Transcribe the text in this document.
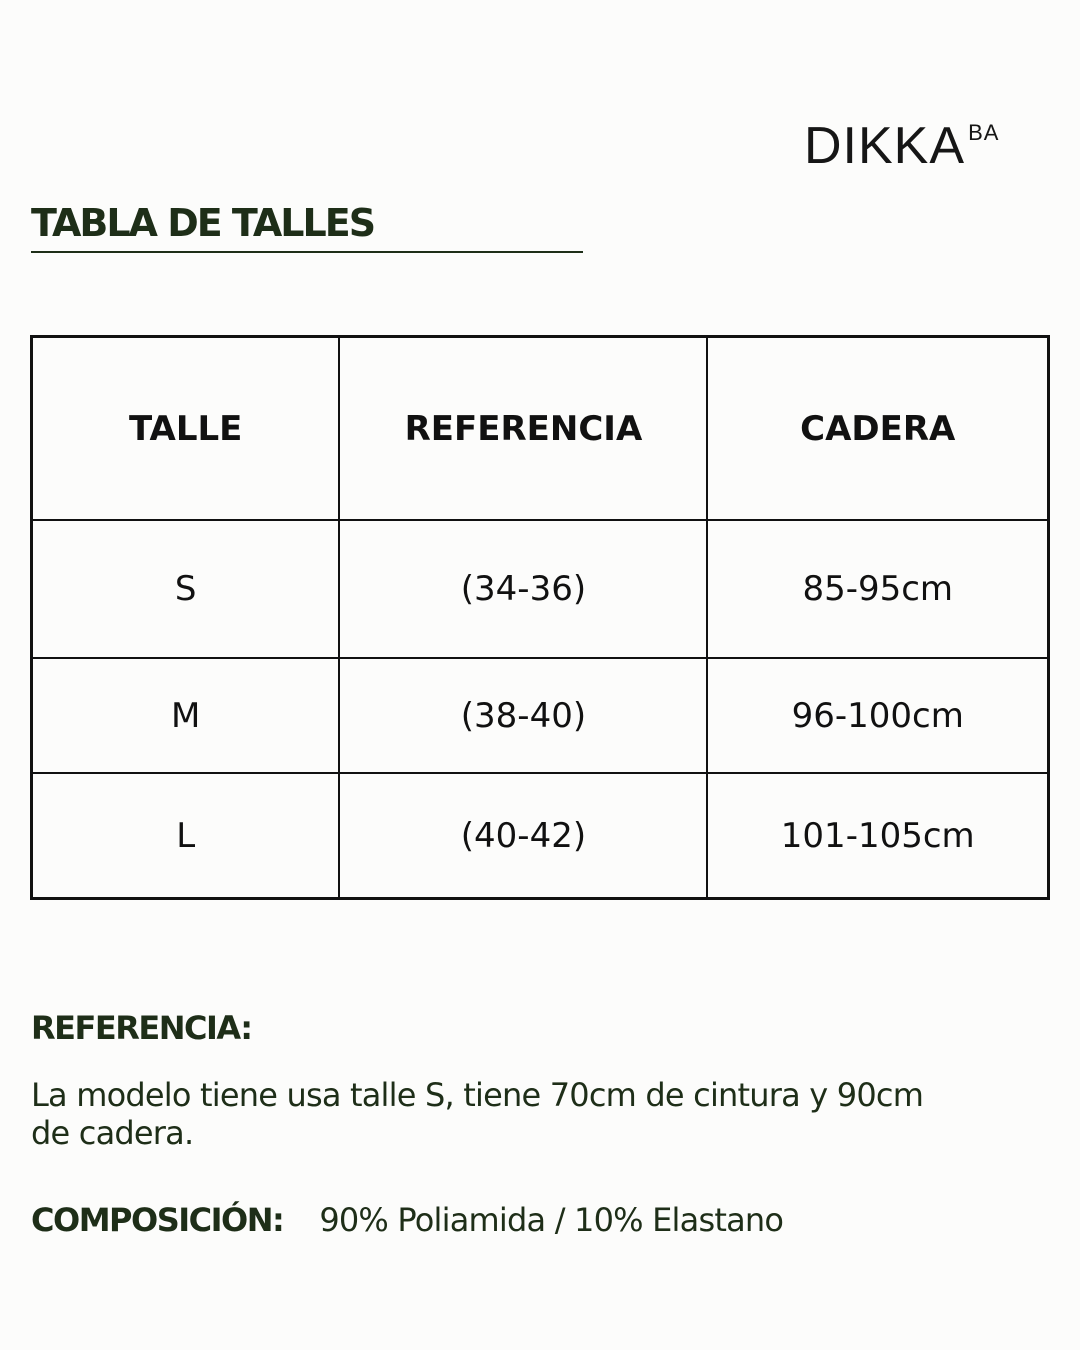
DIKKA BA
TABLA DE TALLES
TALLE	REFERENCIA	CADERA
S	(34-36)	85-95cm
M	(38-40)	96-100cm
L	(40-42)	101-105cm
REFERENCIA:

La modelo tiene usa talle S, tiene 70cm de cintura y 90cm de cadera.

COMPOSICIÓN: 90% Poliamida / 10% Elastano
